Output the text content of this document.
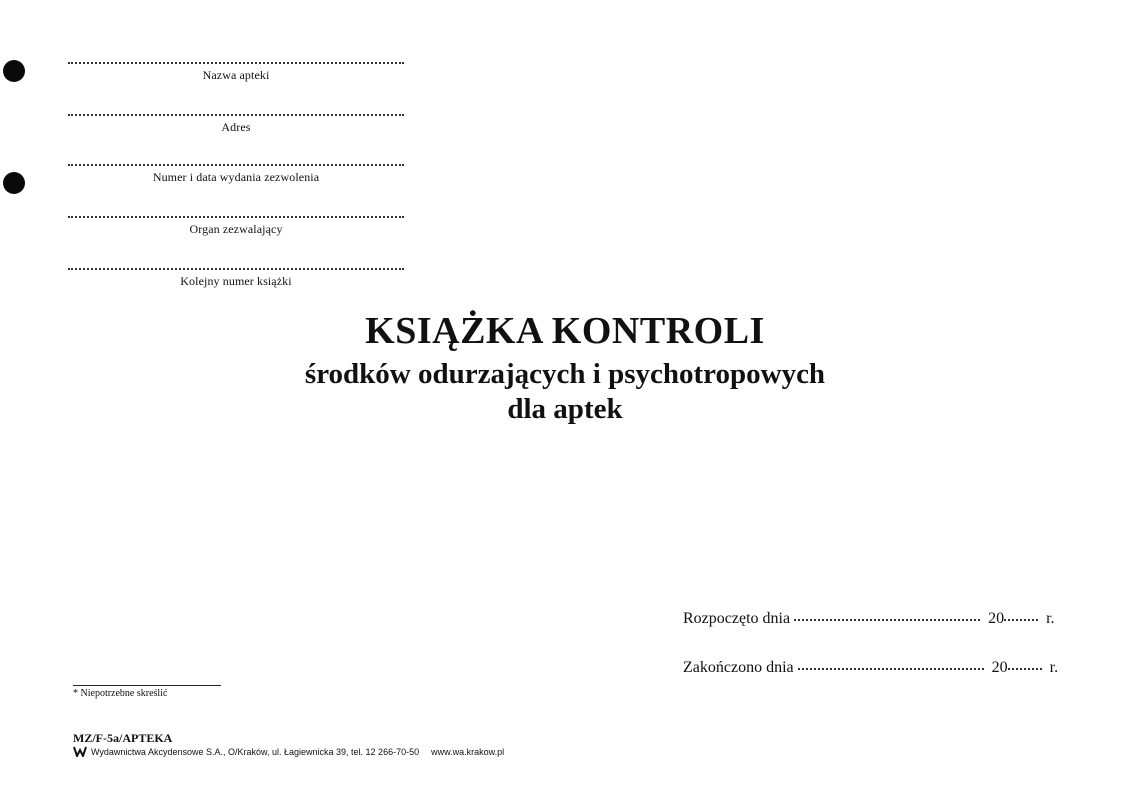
Nazwa apteki
Adres
Numer i data wydania zezwolenia
Organ zezwalający
Kolejny numer książki
KSIĄŻKA KONTROLI
środków odurzających i psychotropowych
dla aptek
Rozpoczęto dnia	20	r.
Zakończono dnia	20	r.
* Niepotrzebne skreślić
MZ/F-5a/APTEKA
Wydawnictwa Akcydensowe S.A., O/Kraków, ul. Łagiewnicka 39, tel. 12 266-70-50 www.wa.krakow.pl
